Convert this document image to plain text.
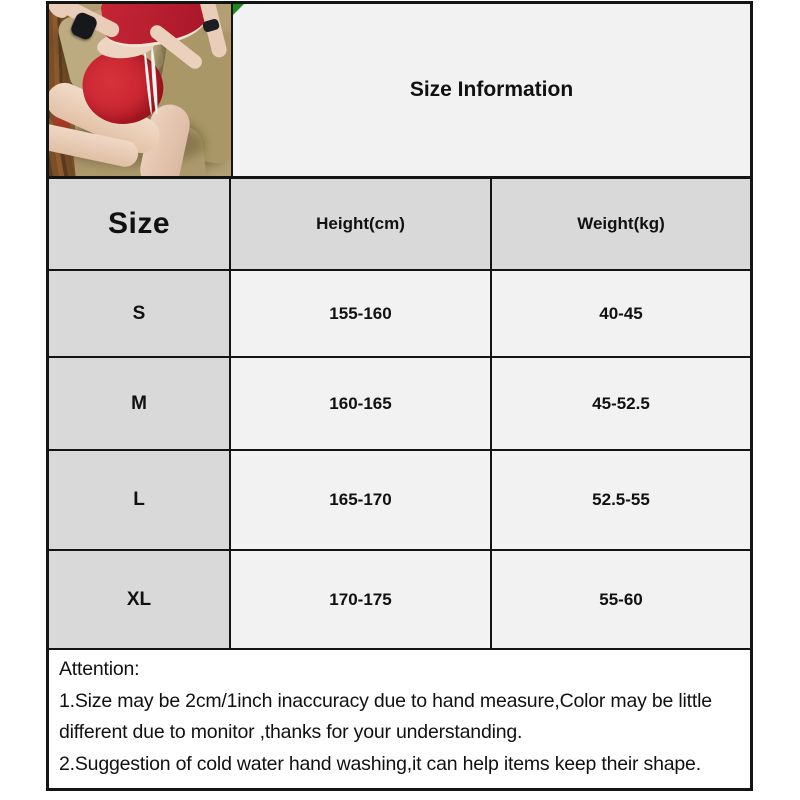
Size Information
Size	Height(cm)	Weight(kg)
S	155-160	40-45
M	160-165	45-52.5
L	165-170	52.5-55
XL	170-175	55-60

Attention:

1.Size may be 2cm/1inch inaccuracy due to hand measure,Color may be little different due to monitor ,thanks for your understanding.

2.Suggestion of cold water hand washing,it can help items keep their shape.
